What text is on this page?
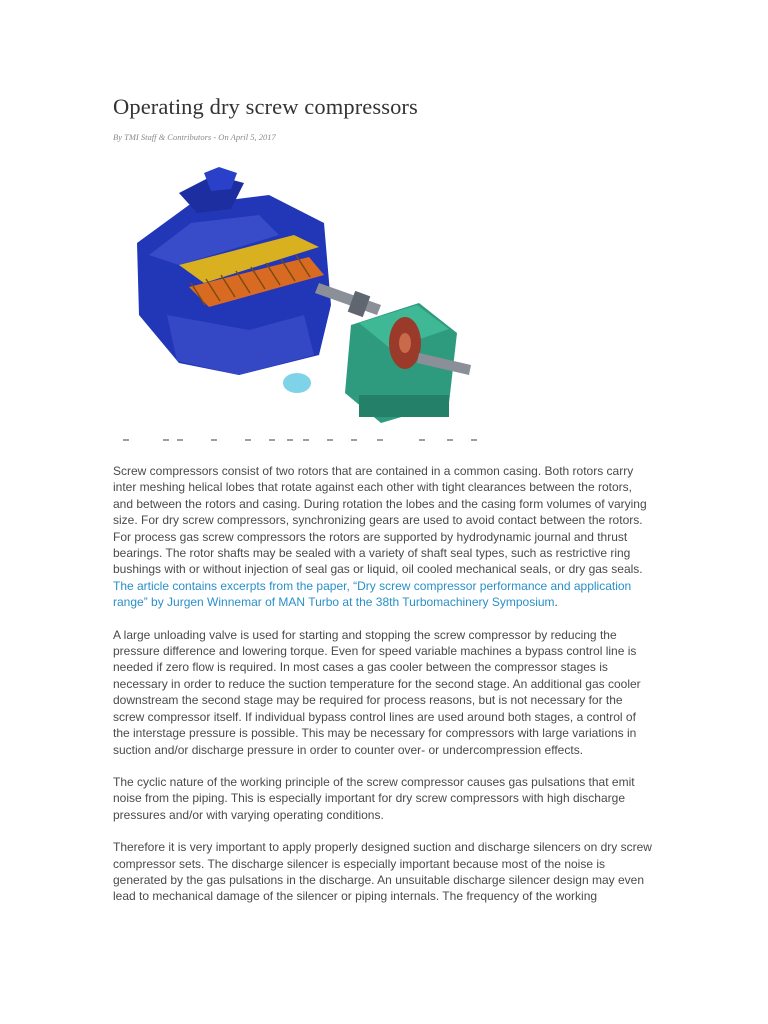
Operating dry screw compressors
By TMI Staff & Contributors - On April 5, 2017

Screw compressors consist of two rotors that are contained in a common casing. Both rotors carry inter meshing helical lobes that rotate against each other with tight clearances between the rotors, and between the rotors and casing. During rotation the lobes and the casing form volumes of varying size. For dry screw compressors, synchronizing gears are used to avoid contact between the rotors. For process gas screw compressors the rotors are supported by hydrodynamic journal and thrust bearings. The rotor shafts may be sealed with a variety of shaft seal types, such as restrictive ring bushings with or without injection of seal gas or liquid, oil cooled mechanical seals, or dry gas seals.

The article contains excerpts from the paper, “Dry screw compressor performance and application range” by Jurgen Winnemar of MAN Turbo at the 38th Turbomachinery Symposium.

A large unloading valve is used for starting and stopping the screw compressor by reducing the pressure difference and lowering torque. Even for speed variable machines a bypass control line is needed if zero flow is required. In most cases a gas cooler between the compressor stages is necessary in order to reduce the suction temperature for the second stage. An additional gas cooler downstream the second stage may be required for process reasons, but is not necessary for the screw compressor itself. If individual bypass control lines are used around both stages, a control of the interstage pressure is possible. This may be necessary for compressors with large variations in suction and/or discharge pressure in order to counter over- or undercompression effects.

The cyclic nature of the working principle of the screw compressor causes gas pulsations that emit noise from the piping. This is especially important for dry screw compressors with high discharge pressures and/or with varying operating conditions.

Therefore it is very important to apply properly designed suction and discharge silencers on dry screw compressor sets. The discharge silencer is especially important because most of the noise is generated by the gas pulsations in the discharge. An unsuitable discharge silencer design may even lead to mechanical damage of the silencer or piping internals. The frequency of the working
